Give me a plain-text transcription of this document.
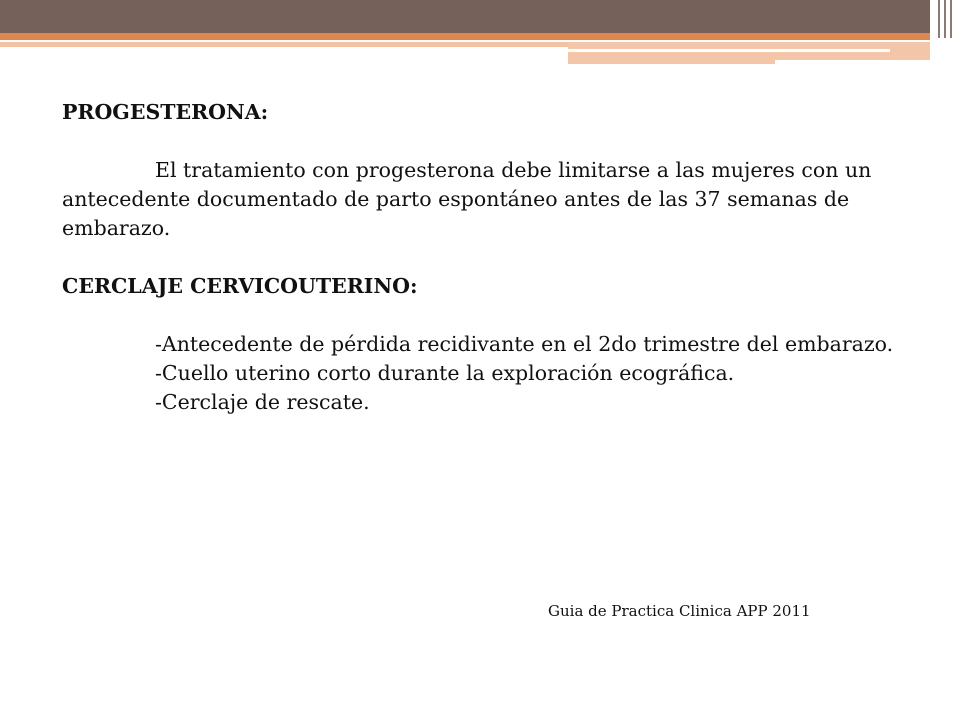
PROGESTERONA:

El tratamiento con progesterona debe limitarse a las mujeres con un antecedente documentado de parto espontáneo antes de las 37 semanas de embarazo.

CERCLAJE CERVICOUTERINO:

-Antecedente de pérdida recidivante en el 2do trimestre del embarazo.

-Cuello uterino corto durante la exploración ecográfica.

-Cerclaje de rescate.

Guia de Practica Clinica APP 2011
